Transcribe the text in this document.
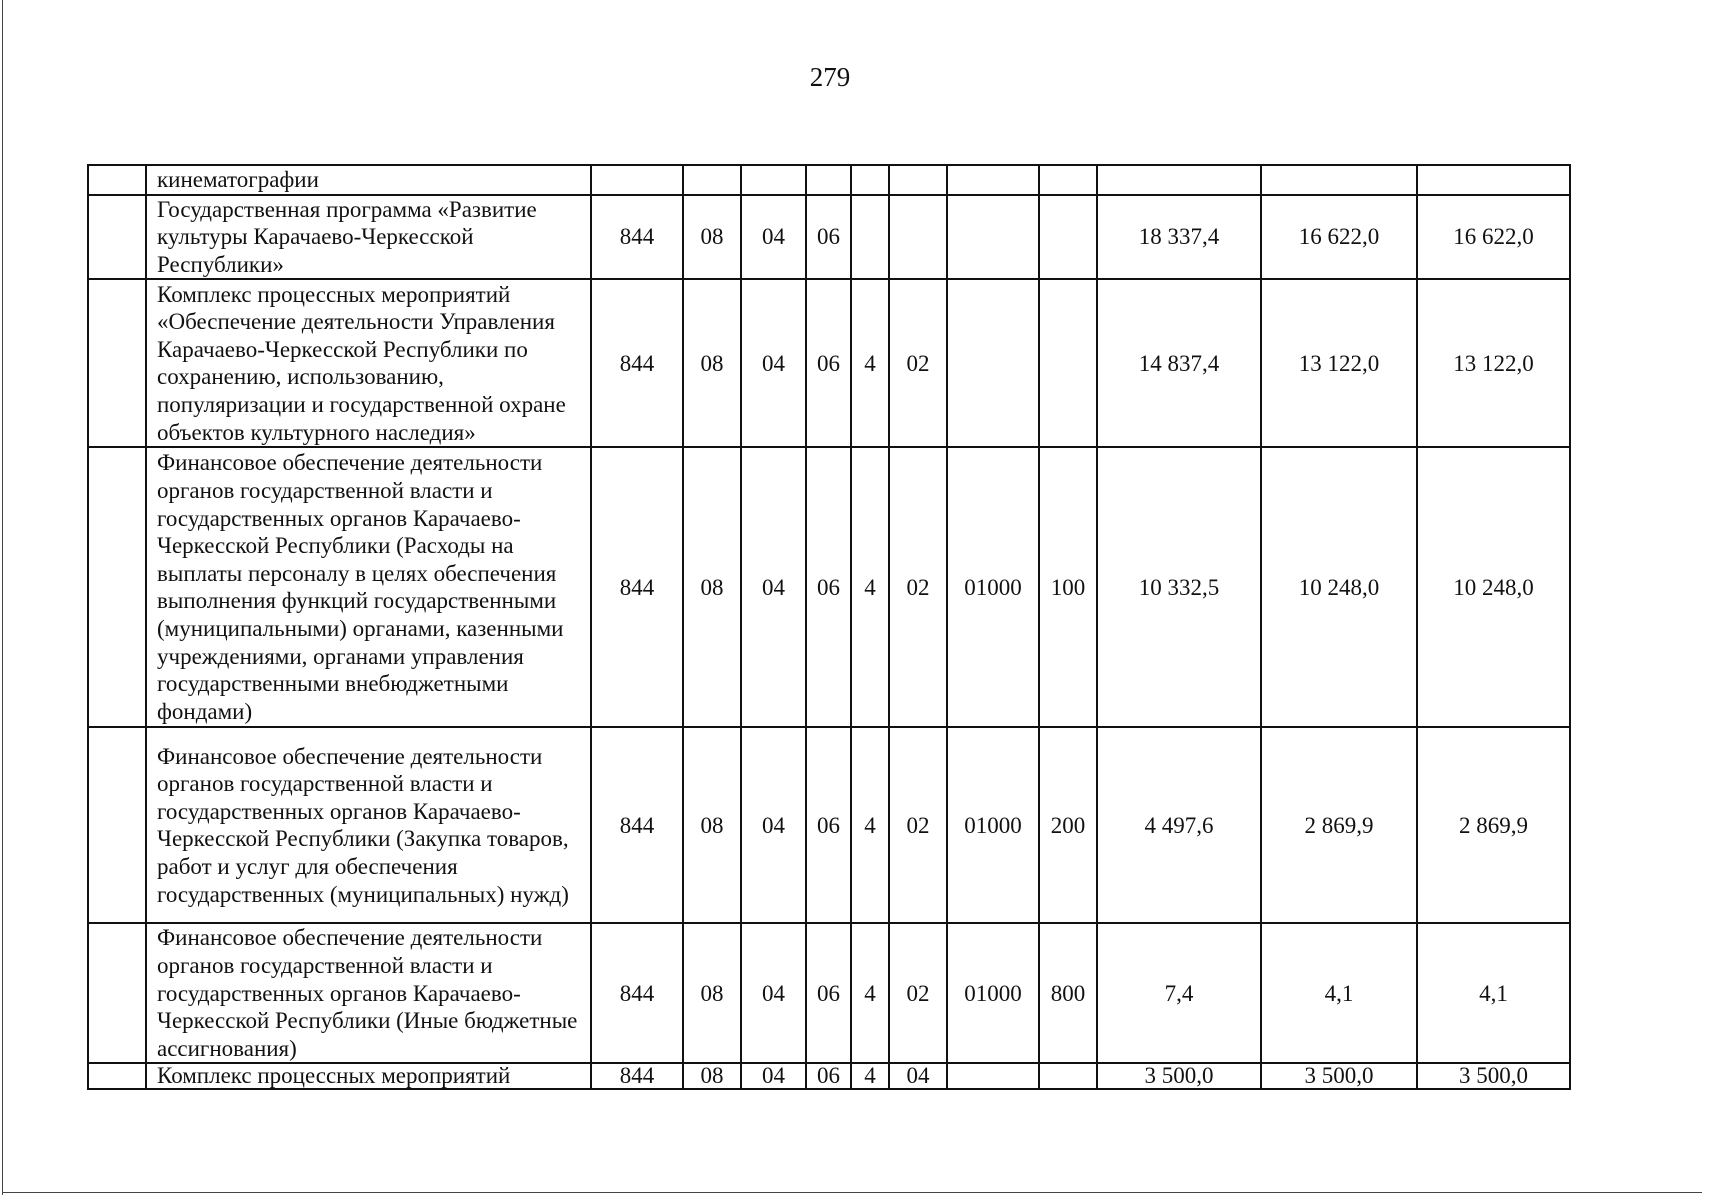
279
	кинематографии											
	Государственная программа «Развитие культуры Карачаево-Черкесской Республики»	844	08	04	06					18 337,4	16 622,0	16 622,0
	Комплекс процессных мероприятий «Обеспечение деятельности Управления Карачаево-Черкесской Республики по сохранению, использованию, популяризации и государственной охране объектов культурного наследия»	844	08	04	06	4	02			14 837,4	13 122,0	13 122,0
	Финансовое обеспечение деятельности органов государственной власти и государственных органов Карачаево-Черкесской Республики (Расходы на выплаты персоналу в целях обеспечения выполнения функций государственными (муниципальными) органами, казенными учреждениями, органами управления государственными внебюджетными фондами)	844	08	04	06	4	02	01000	100	10 332,5	10 248,0	10 248,0
	Финансовое обеспечение деятельности органов государственной власти и государственных органов Карачаево-Черкесской Республики (Закупка товаров, работ и услуг для обеспечения государственных (муниципальных) нужд)	844	08	04	06	4	02	01000	200	4 497,6	2 869,9	2 869,9
	Финансовое обеспечение деятельности органов государственной власти и государственных органов Карачаево-Черкесской Республики (Иные бюджетные ассигнования)	844	08	04	06	4	02	01000	800	7,4	4,1	4,1
	Комплекс процессных мероприятий	844	08	04	06	4	04			3 500,0	3 500,0	3 500,0
